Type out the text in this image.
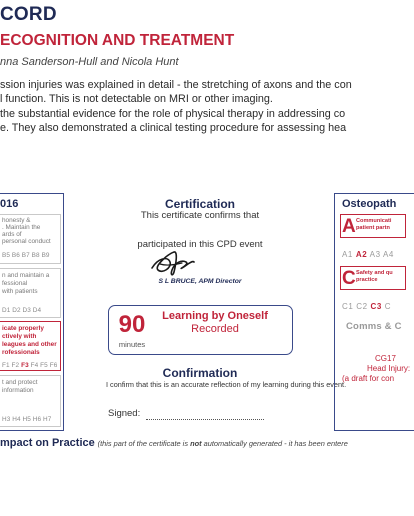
CORD
ECOGNITION AND TREATMENT
nna Sanderson-Hull and Nicola Hunt
ssion injuries was explained in detail - the stretching of axons and the con
l function. This is not detectable on MRI or other imaging.
the substantial evidence for the role of physical therapy in addressing co
e. They also demonstrated a clinical testing procedure for assessing hea
016
honesty &
. Maintain the
ards of
personal conduct
B5 B6 B7 B8 B9
n and maintain a
fessional
with patients
D1 D2 D3 D4
icate properly
ctively with
leagues and other
rofessionals
F1 F2 F3 F4 F5 F6
t and protect
information
H3 H4 H5 H6 H7
Certification
This certificate confirms that
participated in this CPD event
S L BRUCE, APM Director
90
minutes
Learning by Oneself
Recorded
Confirmation
I confirm that this is an accurate reflection of my learning during this event.
Signed:
Osteopath
A Communicati
patient partn
A1 A2 A3 A4
C Safety and qu
practice
C1 C2 C3 C
Comms & C
CG17
Head Injury:
(a draft for con
mpact on Practice (this part of the certificate is not automatically generated - it has been entere
